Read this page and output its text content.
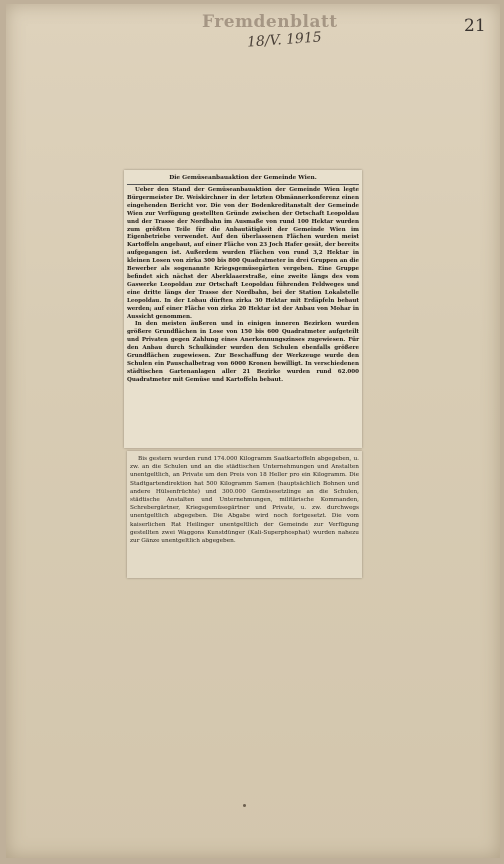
Fremdenblatt
18/V. 1915
21
Die Gemüseanbauaktion der Gemeinde Wien.

Ueber den Stand der Gemüseanbauaktion der Gemeinde Wien legte Bürgermeister Dr. Weiskirchner in der letzten Obmännerkonferenz einen eingehenden Bericht vor. Die von der Bodenkreditanstalt der Gemeinde Wien zur Verfügung gestellten Gründe zwischen der Ortschaft Leopoldau und der Trasse der Nordbahn im Ausmaße von rund 100 Hektar wurden zum größten Teile für die Anbautätigkeit der Gemeinde Wien im Eigenbetriebe verwendet. Auf den überlassenen Flächen wurden meist Kartoffeln angebaut, auf einer Fläche von 23 Joch Hafer gesät, der bereits aufgegangen ist. Außerdem wurden Flächen von rund 3,2 Hektar in kleinen Losen von zirka 300 bis 800 Quadratmeter in drei Gruppen an die Bewerber als sogenannte Kriegsgemüsegärten vergeben. Eine Gruppe befindet sich nächst der Aberklaaerstraße, eine zweite längs des vom Gaswerke Leopoldau zur Ortschaft Leopoldau führenden Feldweges und eine dritte längs der Trasse der Nordbahn, bei der Station Lokalstelle Leopoldau. In der Lobau dürften zirka 30 Hektar mit Erdäpfeln bebaut werden; auf einer Fläche von zirka 20 Hektar ist der Anbau von Mohar in Aussicht genommen.

In den meisten äußeren und in einigen inneren Bezirken wurden größere Grundflächen in Lose von 150 bis 600 Quadratmeter aufgeteilt und Privaten gegen Zahlung eines Anerkennungszinses zugewiesen. Für den Anbau durch Schulkinder wurden den Schulen ebenfalls größere Grundflächen zugewiesen. Zur Beschaffung der Werkzeuge wurde den Schulen ein Pauschalbetrag von 6000 Kronen bewilligt. In verschiedenen städtischen Gartenanlagen aller 21 Bezirke wurden rund 62.000 Quadratmeter mit Gemüse und Kartoffeln bebaut.

Bis gestern wurden rund 174.000 Kilogramm Saatkartoffeln abgegeben, u. zw. an die Schulen und an die städtischen Unternehmungen und Anstalten unentgeltlich, an Private um den Preis von 18 Heller pro ein Kilogramm. Die Stadtgartendirektion hat 500 Kilogramm Samen (hauptsächlich Bohnen und andere Hülsenfrüchte) und 300.000 Gemüsesetzlinge an die Schulen, städtische Anstalten und Unternehmungen, militärische Kommanden, Schrebergärtner, Kriegsgemüsegärtner und Private, u. zw. durchwegs unentgeltlich abgegeben. Die Abgabe wird noch fortgesetzt. Die vom kaiserlichen Rat Heilinger unentgeltlich der Gemeinde zur Verfügung gestellten zwei Waggons Kunstdünger (Kali-Superphosphat) wurden nahezu zur Gänze unentgeltlich abgegeben.
